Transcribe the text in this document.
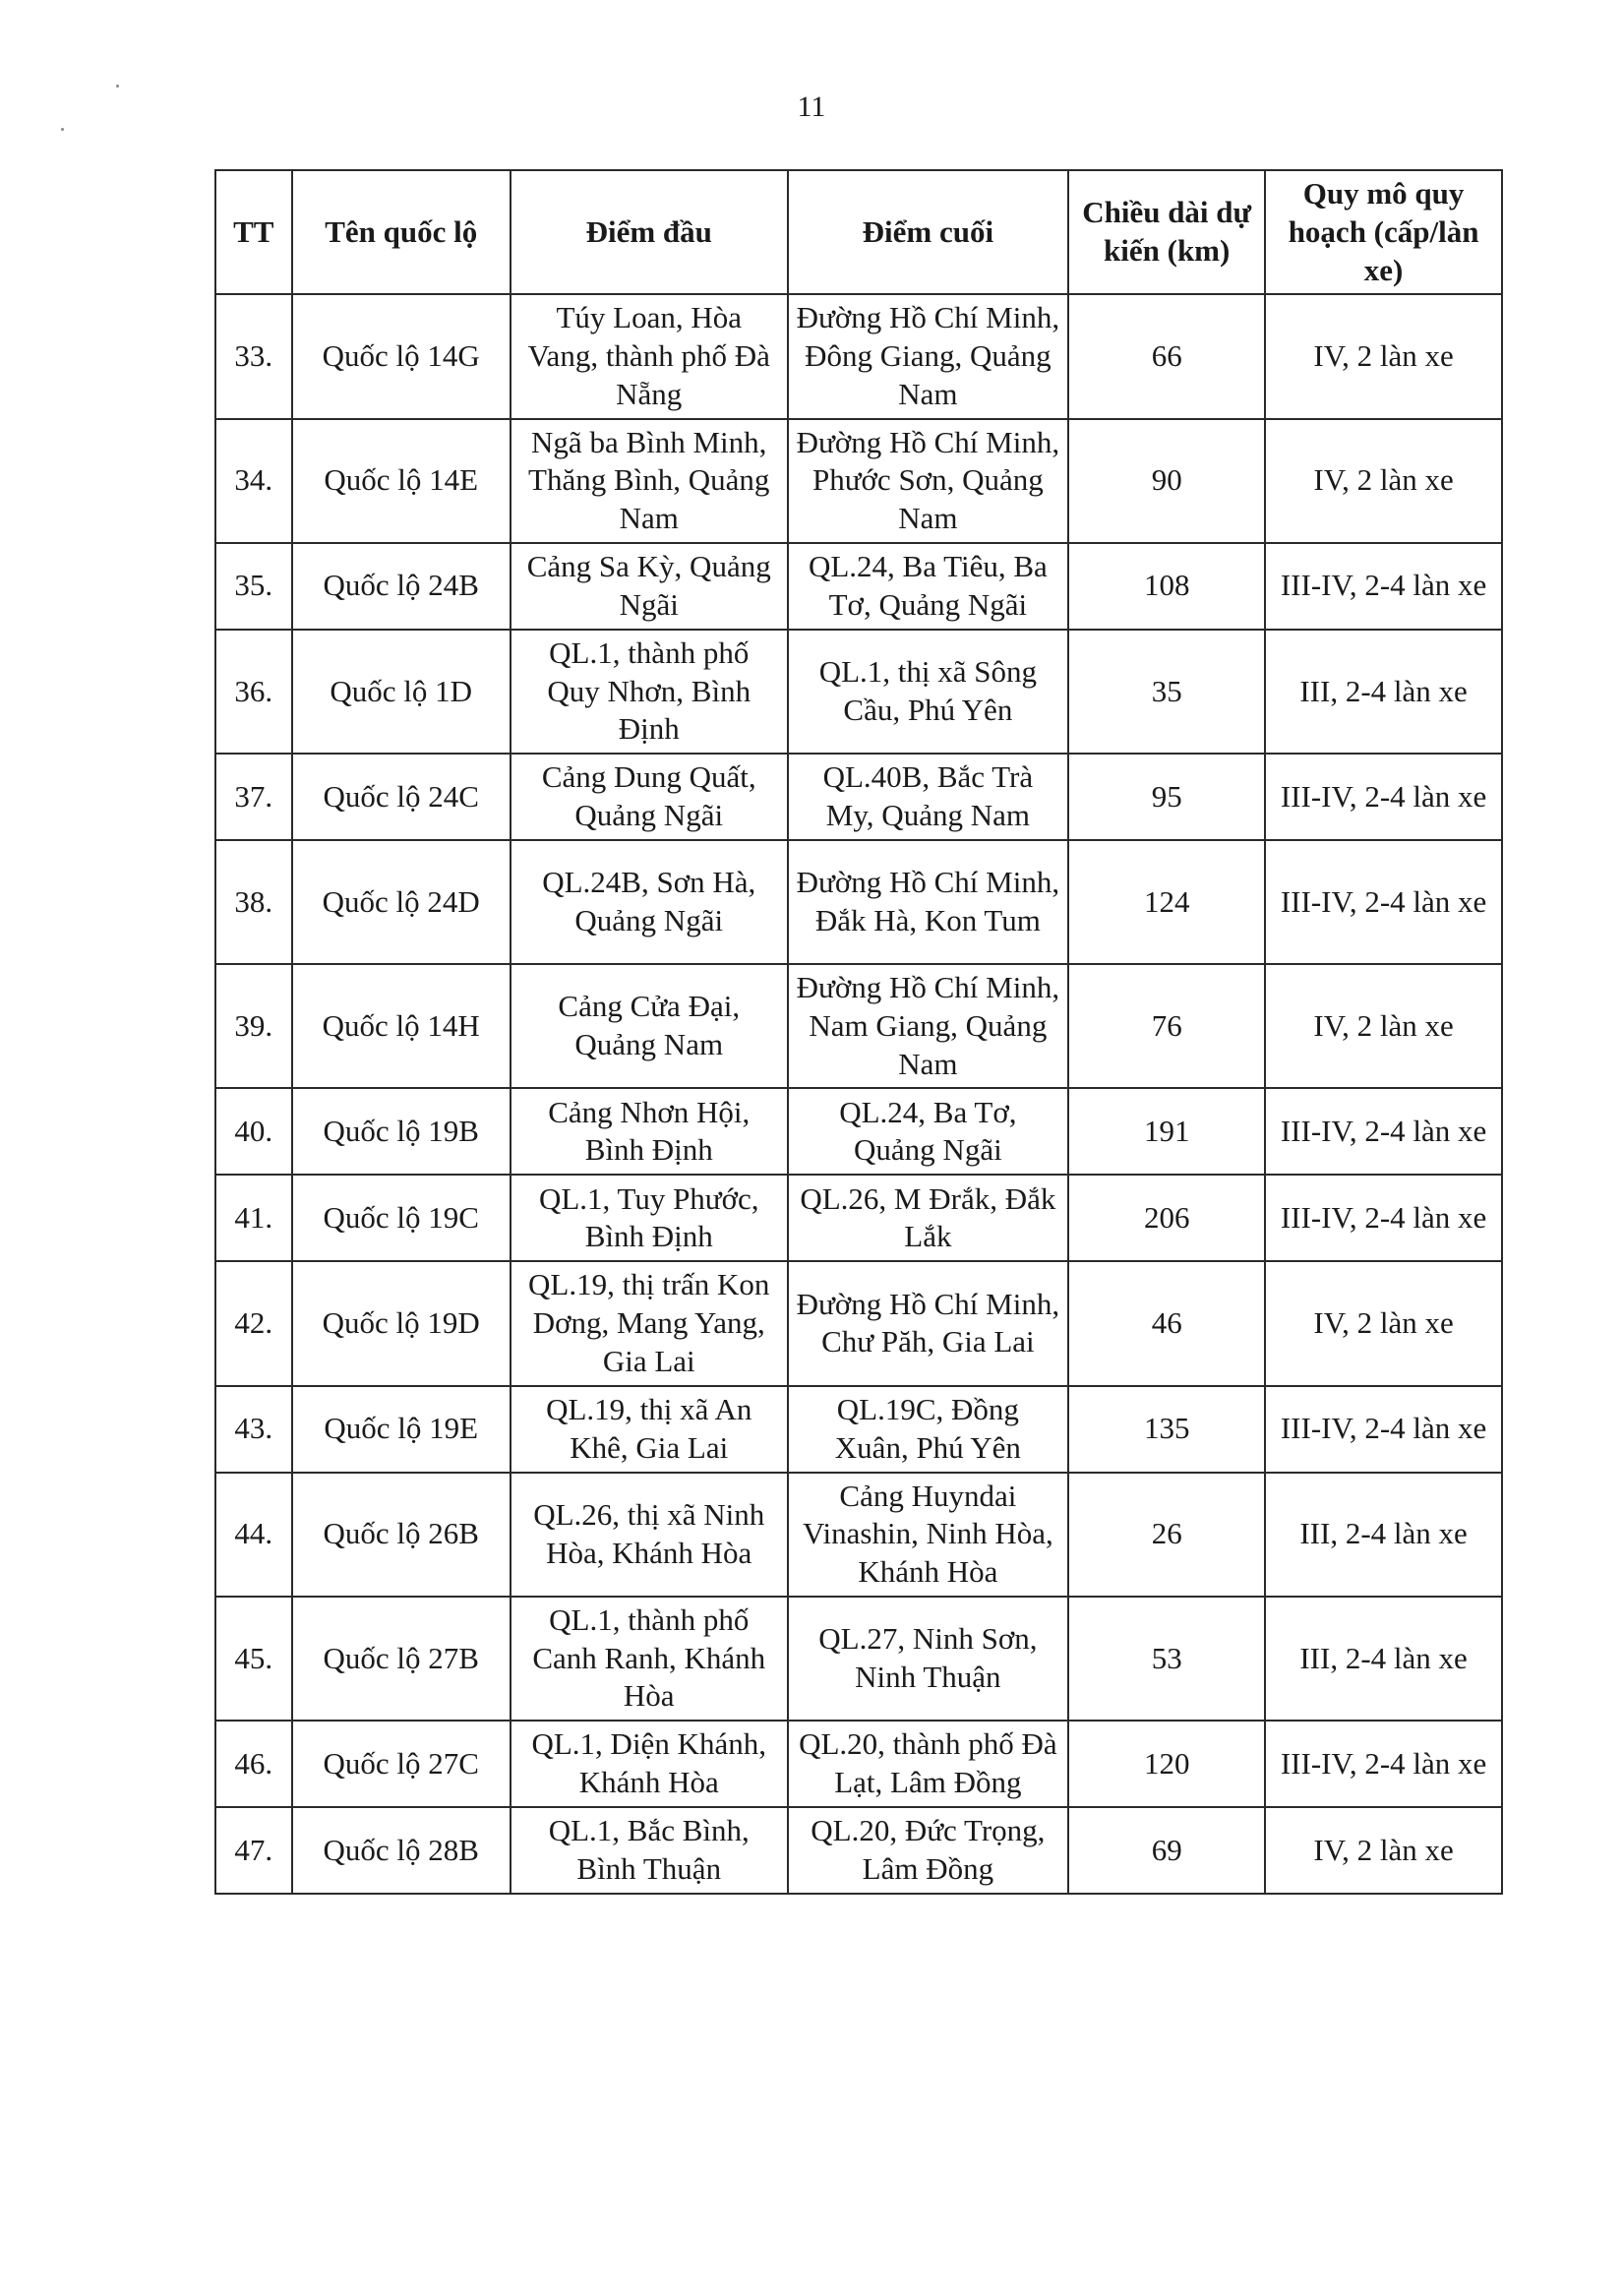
11
TT	Tên quốc lộ	Điểm đầu	Điểm cuối	Chiều dài dự kiến (km)	Quy mô quy hoạch (cấp/làn xe)
33.	Quốc lộ 14G	Túy Loan, Hòa Vang, thành phố Đà Nẵng	Đường Hồ Chí Minh, Đông Giang, Quảng Nam	66	IV, 2 làn xe
34.	Quốc lộ 14E	Ngã ba Bình Minh, Thăng Bình, Quảng Nam	Đường Hồ Chí Minh, Phước Sơn, Quảng Nam	90	IV, 2 làn xe
35.	Quốc lộ 24B	Cảng Sa Kỳ, Quảng Ngãi	QL.24, Ba Tiêu, Ba Tơ, Quảng Ngãi	108	III-IV, 2-4 làn xe
36.	Quốc lộ 1D	QL.1, thành phố Quy Nhơn, Bình Định	QL.1, thị xã Sông Cầu, Phú Yên	35	III, 2-4 làn xe
37.	Quốc lộ 24C	Cảng Dung Quất, Quảng Ngãi	QL.40B, Bắc Trà My, Quảng Nam	95	III-IV, 2-4 làn xe
38.	Quốc lộ 24D	QL.24B, Sơn Hà, Quảng Ngãi	Đường Hồ Chí Minh, Đắk Hà, Kon Tum	124	III-IV, 2-4 làn xe
39.	Quốc lộ 14H	Cảng Cửa Đại, Quảng Nam	Đường Hồ Chí Minh, Nam Giang, Quảng Nam	76	IV, 2 làn xe
40.	Quốc lộ 19B	Cảng Nhơn Hội, Bình Định	QL.24, Ba Tơ, Quảng Ngãi	191	III-IV, 2-4 làn xe
41.	Quốc lộ 19C	QL.1, Tuy Phước, Bình Định	QL.26, M Đrắk, Đắk Lắk	206	III-IV, 2-4 làn xe
42.	Quốc lộ 19D	QL.19, thị trấn Kon Dơng, Mang Yang, Gia Lai	Đường Hồ Chí Minh, Chư Păh, Gia Lai	46	IV, 2 làn xe
43.	Quốc lộ 19E	QL.19, thị xã An Khê, Gia Lai	QL.19C, Đồng Xuân, Phú Yên	135	III-IV, 2-4 làn xe
44.	Quốc lộ 26B	QL.26, thị xã Ninh Hòa, Khánh Hòa	Cảng Huyndai Vinashin, Ninh Hòa, Khánh Hòa	26	III, 2-4 làn xe
45.	Quốc lộ 27B	QL.1, thành phố Canh Ranh, Khánh Hòa	QL.27, Ninh Sơn, Ninh Thuận	53	III, 2-4 làn xe
46.	Quốc lộ 27C	QL.1, Diện Khánh, Khánh Hòa	QL.20, thành phố Đà Lạt, Lâm Đồng	120	III-IV, 2-4 làn xe
47.	Quốc lộ 28B	QL.1, Bắc Bình, Bình Thuận	QL.20, Đức Trọng, Lâm Đồng	69	IV, 2 làn xe
